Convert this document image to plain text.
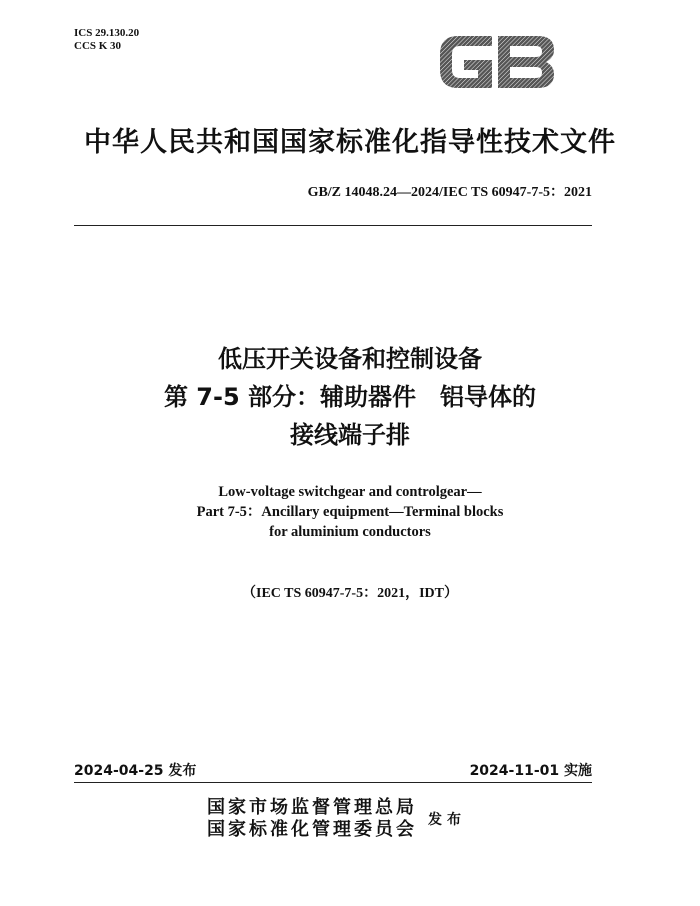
ICS 29.130.20
CCS K 30
中华人民共和国国家标准化指导性技术文件
GB/Z 14048.24—2024/IEC TS 60947-7-5：2021
低压开关设备和控制设备
第 7-5 部分：辅助器件　铝导体的
接线端子排
Low-voltage switchgear and controlgear—
Part 7-5：Ancillary equipment—Terminal blocks
for aluminium conductors
（IEC TS 60947-7-5：2021，IDT）
2024-04-25 发布	2024-11-01 实施
国家市场监督管理总局
国家标准化管理委员会 发布
